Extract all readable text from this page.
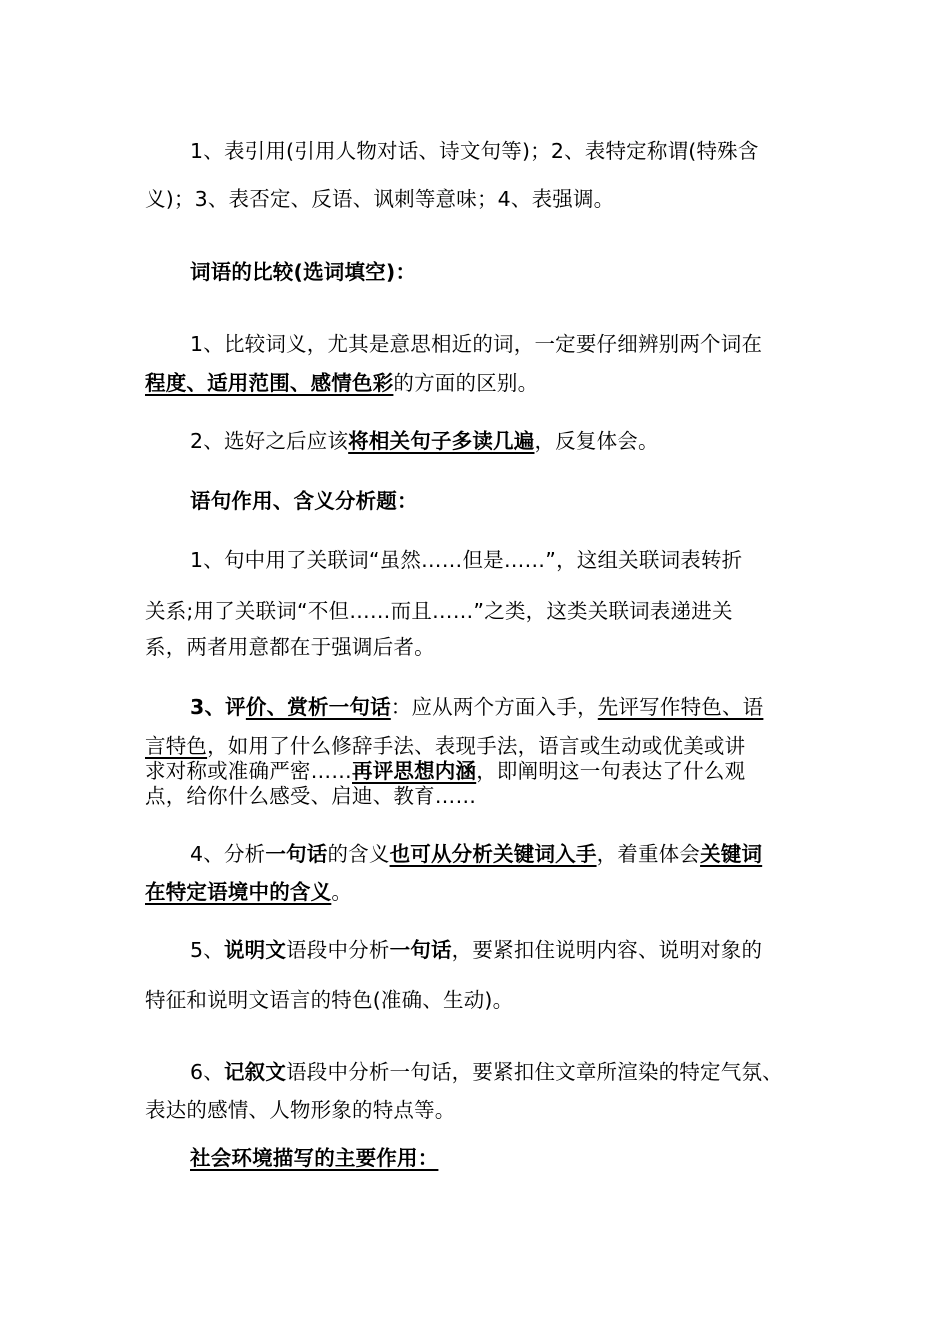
1、表引用(引用人物对话、诗文句等)；2、表特定称谓(特殊含
义)；3、表否定、反语、讽刺等意味；4、表强调。
词语的比较(选词填空)：
1、比较词义，尤其是意思相近的词，一定要仔细辨别两个词在
程度、适用范围、感情色彩的方面的区别。
2、选好之后应该将相关句子多读几遍，反复体会。
语句作用、含义分析题：
1、句中用了关联词“虽然……但是……”，这组关联词表转折
关系;用了关联词“不但……而且……”之类，这类关联词表递进关
系，两者用意都在于强调后者。
3、评价、赏析一句话：应从两个方面入手，先评写作特色、语
言特色，如用了什么修辞手法、表现手法，语言或生动或优美或讲
求对称或准确严密……再评思想内涵，即阐明这一句表达了什么观
点，给你什么感受、启迪、教育……
4、分析一句话的含义也可从分析关键词入手，着重体会关键词
在特定语境中的含义。
5、说明文语段中分析一句话，要紧扣住说明内容、说明对象的
特征和说明文语言的特色(准确、生动)。
6、记叙文语段中分析一句话，要紧扣住文章所渲染的特定气氛、
表达的感情、人物形象的特点等。
社会环境描写的主要作用：
